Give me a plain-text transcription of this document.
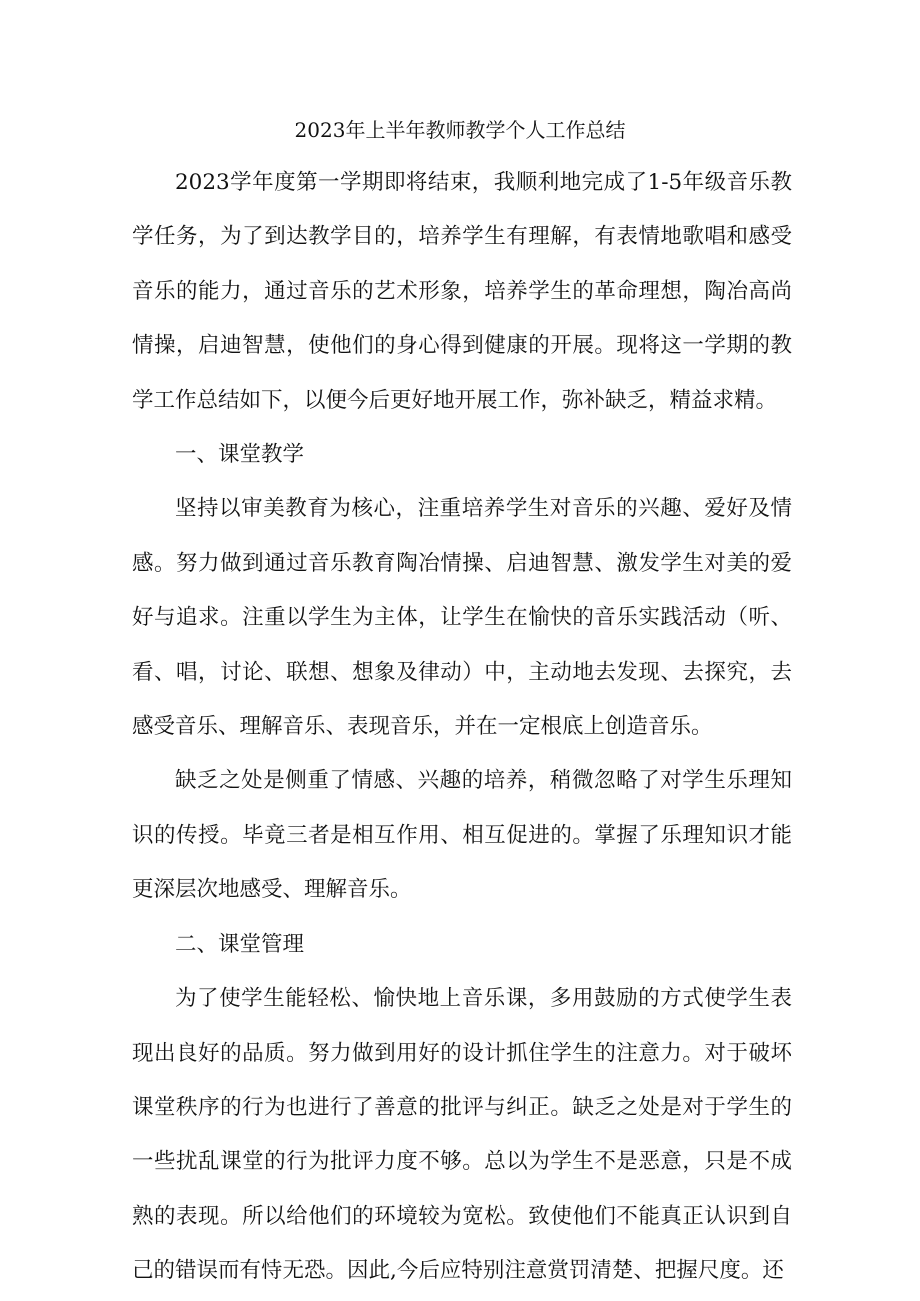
2023年上半年教师教学个人工作总结

2023学年度第一学期即将结束，我顺利地完成了1-5年级音乐教学任务，为了到达教学目的，培养学生有理解，有表情地歌唱和感受音乐的能力，通过音乐的艺术形象，培养学生的革命理想，陶冶高尚情操，启迪智慧，使他们的身心得到健康的开展。现将这一学期的教学工作总结如下，以便今后更好地开展工作，弥补缺乏，精益求精。

一、课堂教学

坚持以审美教育为核心，注重培养学生对音乐的兴趣、爱好及情感。努力做到通过音乐教育陶冶情操、启迪智慧、激发学生对美的爱好与追求。注重以学生为主体，让学生在愉快的音乐实践活动（听、看、唱，讨论、联想、想象及律动）中，主动地去发现、去探究，去感受音乐、理解音乐、表现音乐，并在一定根底上创造音乐。

缺乏之处是侧重了情感、兴趣的培养，稍微忽略了对学生乐理知识的传授。毕竟三者是相互作用、相互促进的。掌握了乐理知识才能更深层次地感受、理解音乐。

二、课堂管理

为了使学生能轻松、愉快地上音乐课，多用鼓励的方式使学生表现出良好的品质。努力做到用好的设计抓住学生的注意力。对于破坏课堂秩序的行为也进行了善意的批评与纠正。缺乏之处是对于学生的一些扰乱课堂的行为批评力度不够。总以为学生不是恶意，只是不成熟的表现。所以给他们的环境较为宽松。致使他们不能真正认识到自己的错误而有恃无恐。因此,今后应特别注意赏罚清楚、把握尺度。还
